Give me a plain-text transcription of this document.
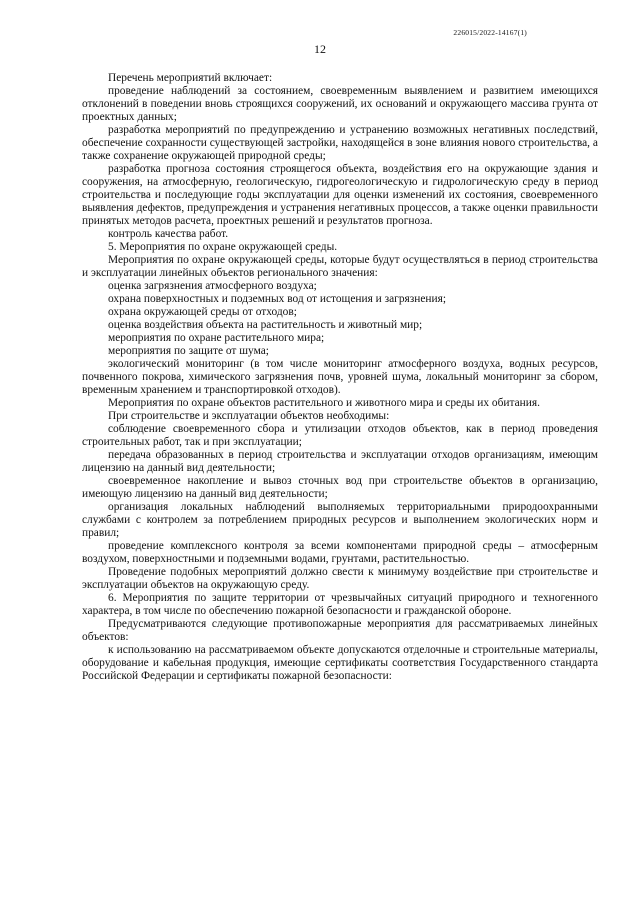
226015/2022-14167(1)
12

Перечень мероприятий включает:

проведение наблюдений за состоянием, своевременным выявлением и развитием имеющихся отклонений в поведении вновь строящихся сооружений, их оснований и окружающего массива грунта от проектных данных;

разработка мероприятий по предупреждению и устранению возможных негативных последствий, обеспечение сохранности существующей застройки, находящейся в зоне влияния нового строительства, а также сохранение окружающей природной среды;

разработка прогноза состояния строящегося объекта, воздействия его на окружающие здания и сооружения, на атмосферную, геологическую, гидрогеологическую и гидрологическую среду в период строительства и последующие годы эксплуатации для оценки изменений их состояния, своевременного выявления дефектов, предупреждения и устранения негативных процессов, а также оценки правильности принятых методов расчета, проектных решений и результатов прогноза.

контроль качества работ.

5. Мероприятия по охране окружающей среды.

Мероприятия по охране окружающей среды, которые будут осуществляться в период строительства и эксплуатации линейных объектов регионального значения:

оценка загрязнения атмосферного воздуха;

охрана поверхностных и подземных вод от истощения и загрязнения;

охрана окружающей среды от отходов;

оценка воздействия объекта на растительность и животный мир;

мероприятия по охране растительного мира;

мероприятия по защите от шума;

экологический мониторинг (в том числе мониторинг атмосферного воздуха, водных ресурсов, почвенного покрова, химического загрязнения почв, уровней шума, локальный мониторинг за сбором, временным хранением и транспортировкой отходов).

Мероприятия по охране объектов растительного и животного мира и среды их обитания.

При строительстве и эксплуатации объектов необходимы:

соблюдение своевременного сбора и утилизации отходов объектов, как в период проведения строительных работ, так и при эксплуатации;

передача образованных в период строительства и эксплуатации отходов организациям, имеющим лицензию на данный вид деятельности;

своевременное накопление и вывоз сточных вод при строительстве объектов в организацию, имеющую лицензию на данный вид деятельности;

организация локальных наблюдений выполняемых территориальными природоохранными службами с контролем за потреблением природных ресурсов и выполнением экологических норм и правил;

проведение комплексного контроля за всеми компонентами природной среды – атмосферным воздухом, поверхностными и подземными водами, грунтами, растительностью.

Проведение подобных мероприятий должно свести к минимуму воздействие при строительстве и эксплуатации объектов на окружающую среду.

6. Мероприятия по защите территории от чрезвычайных ситуаций природного и техногенного характера, в том числе по обеспечению пожарной безопасности и гражданской обороне.

Предусматриваются следующие противопожарные мероприятия для рассматриваемых линейных объектов:

к использованию на рассматриваемом объекте допускаются отделочные и строительные материалы, оборудование и кабельная продукция, имеющие сертификаты соответствия Государственного стандарта Российской Федерации и сертификаты пожарной безопасности:
